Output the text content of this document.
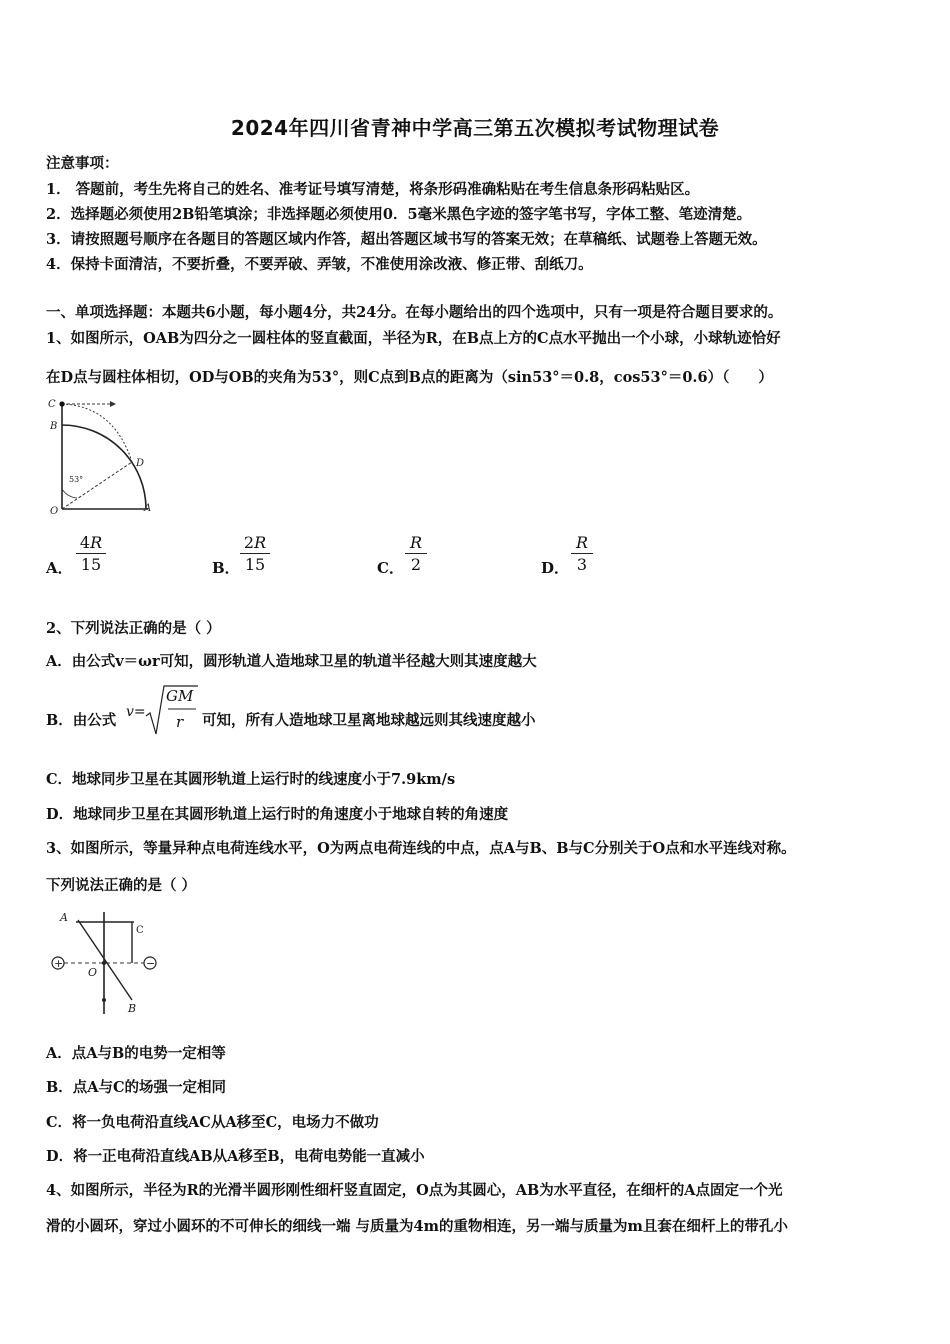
2024年四川省青神中学高三第五次模拟考试物理试卷
注意事项：
1． 答题前，考生先将自己的姓名、准考证号填写清楚，将条形码准确粘贴在考生信息条形码粘贴区。
2．选择题必须使用2B铅笔填涂；非选择题必须使用0．5毫米黑色字迹的签字笔书写，字体工整、笔迹清楚。
3．请按照题号顺序在各题目的答题区域内作答，超出答题区域书写的答案无效；在草稿纸、试题卷上答题无效。
4．保持卡面清洁，不要折叠，不要弄破、弄皱，不准使用涂改液、修正带、刮纸刀。
一、单项选择题：本题共6小题，每小题4分，共24分。在每小题给出的四个选项中，只有一项是符合题目要求的。
1、如图所示，OAB为四分之一圆柱体的竖直截面，半径为R，在B点上方的C点水平抛出一个小球，小球轨迹恰好
在D点与圆柱体相切，OD与OB的夹角为53°，则C点到B点的距离为（sin53°＝0.8，cos53°＝0.6）（　　）
C
B
D
O	A
53°
A．
4R
15	B．
2R
15	C．
R
2	D．
R
3
2、下列说法正确的是（ ）
A．由公式v＝ωr可知，圆形轨道人造地球卫星的轨道半径越大则其速度越大
B．由公式 v=
GM
r 可知，所有人造地球卫星离地球越远则其线速度越小
C．地球同步卫星在其圆形轨道上运行时的线速度小于7.9km/s
D．地球同步卫星在其圆形轨道上运行时的角速度小于地球自转的角速度
3、如图所示，等量异种点电荷连线水平，O为两点电荷连线的中点，点A与B、B与C分别关于O点和水平连线对称。
下列说法正确的是（ ）
+	−
A
C
O
B
A．点A与B的电势一定相等
B．点A与C的场强一定相同
C．将一负电荷沿直线AC从A移至C，电场力不做功
D．将一正电荷沿直线AB从A移至B，电荷电势能一直减小
4、如图所示，半径为R的光滑半圆形刚性细杆竖直固定，O点为其圆心，AB为水平直径，在细杆的A点固定一个光
滑的小圆环，穿过小圆环的不可伸长的细线一端 与质量为4m的重物相连，另一端与质量为m且套在细杆上的带孔小
